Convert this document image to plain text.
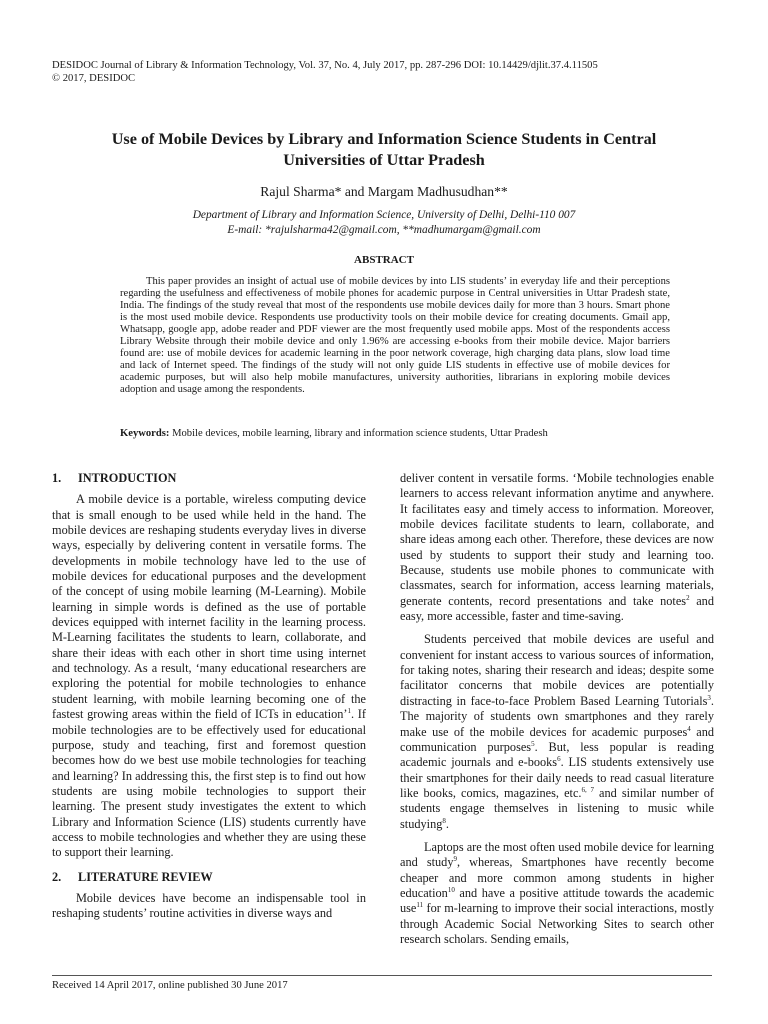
DESIDOC Journal of Library & Information Technology, Vol. 37, No. 4, July 2017, pp. 287-296 DOI: 10.14429/djlit.37.4.11505
© 2017, DESIDOC
Use of Mobile Devices by Library and Information Science Students in Central
Universities of Uttar Pradesh
Rajul Sharma* and Margam Madhusudhan**
Department of Library and Information Science, University of Delhi, Delhi-110 007
E-mail: *rajulsharma42@gmail.com, **madhumargam@gmail.com
ABSTRACT
This paper provides an insight of actual use of mobile devices by into LIS students’ in everyday life and their perceptions regarding the usefulness and effectiveness of mobile phones for academic purpose in Central universities in Uttar Pradesh state, India. The findings of the study reveal that most of the respondents use mobile devices daily for more than 3 hours. Smart phone is the most used mobile device. Respondents use productivity tools on their mobile device for creating documents. Gmail app, Whatsapp, google app, adobe reader and PDF viewer are the most frequently used mobile apps. Most of the respondents access Library Website through their mobile device and only 1.96% are accessing e-books from their mobile device. Major barriers found are: use of mobile devices for academic learning in the poor network coverage, high charging data plans, slow load time and lack of Internet speed. The findings of the study will not only guide LIS students in effective use of mobile devices for academic purposes, but will also help mobile manufactures, university authorities, librarians in exploring mobile devices adoption and usage among the respondents.
Keywords: Mobile devices, mobile learning, library and information science students, Uttar Pradesh
1. INTRODUCTION

A mobile device is a portable, wireless computing device that is small enough to be used while held in the hand. The mobile devices are reshaping students everyday lives in diverse ways, especially by delivering content in versatile forms. The developments in mobile technology have led to the use of mobile devices for educational purposes and the development of the concept of using mobile learning (M-Learning). Mobile learning in simple words is defined as the use of portable devices equipped with internet facility in the learning process. M-Learning facilitates the students to learn, collaborate, and share their ideas with each other in short time using internet and technology. As a result, ‘many educational researchers are exploring the potential for mobile technologies to enhance student learning, with mobile learning becoming one of the fastest growing areas within the field of ICTs in education’$^1$. If mobile technologies are to be effectively used for educational purpose, study and teaching, first and foremost question becomes how do we best use mobile technologies for teaching and learning? In addressing this, the first step is to find out how students are using mobile technologies to support their learning. The present study investigates the extent to which Library and Information Science (LIS) students currently have access to mobile technologies and whether they are using these to support their learning.

2. LITERATURE REVIEW

Mobile devices have become an indispensable tool in reshaping students’ routine activities in diverse ways and

deliver content in versatile forms. ‘Mobile technologies enable learners to access relevant information anytime and anywhere. It facilitates easy and timely access to information. Moreover, mobile devices facilitate students to learn, collaborate, and share ideas among each other. Therefore, these devices are now used by students to support their study and learning too. Because, students use mobile phones to communicate with classmates, search for information, access learning materials, generate contents, record presentations and take notes$^2$ and easy, more accessible, faster and time-saving.

Students perceived that mobile devices are useful and convenient for instant access to various sources of information, for taking notes, sharing their research and ideas; despite some facilitator concerns that mobile devices are potentially distracting in face-to-face Problem Based Learning Tutorials$^3$. The majority of students own smartphones and they rarely make use of the mobile devices for academic purposes$^4$ and communication purposes$^5$. But, less popular is reading academic journals and e-books$^6$. LIS students extensively use their smartphones for their daily needs to read casual literature like books, comics, magazines, etc.$^{6, 7}$ and similar number of students engage themselves in listening to music while studying$^8$.

Laptops are the most often used mobile device for learning and study$^9$, whereas, Smartphones have recently become cheaper and more common among students in higher education$^{10}$ and have a positive attitude towards the academic use$^{11}$ for m-learning to improve their social interactions, mostly through Academic Social Networking Sites to search other research scholars. Sending emails,

Received 14 April 2017, online published 30 June 2017
